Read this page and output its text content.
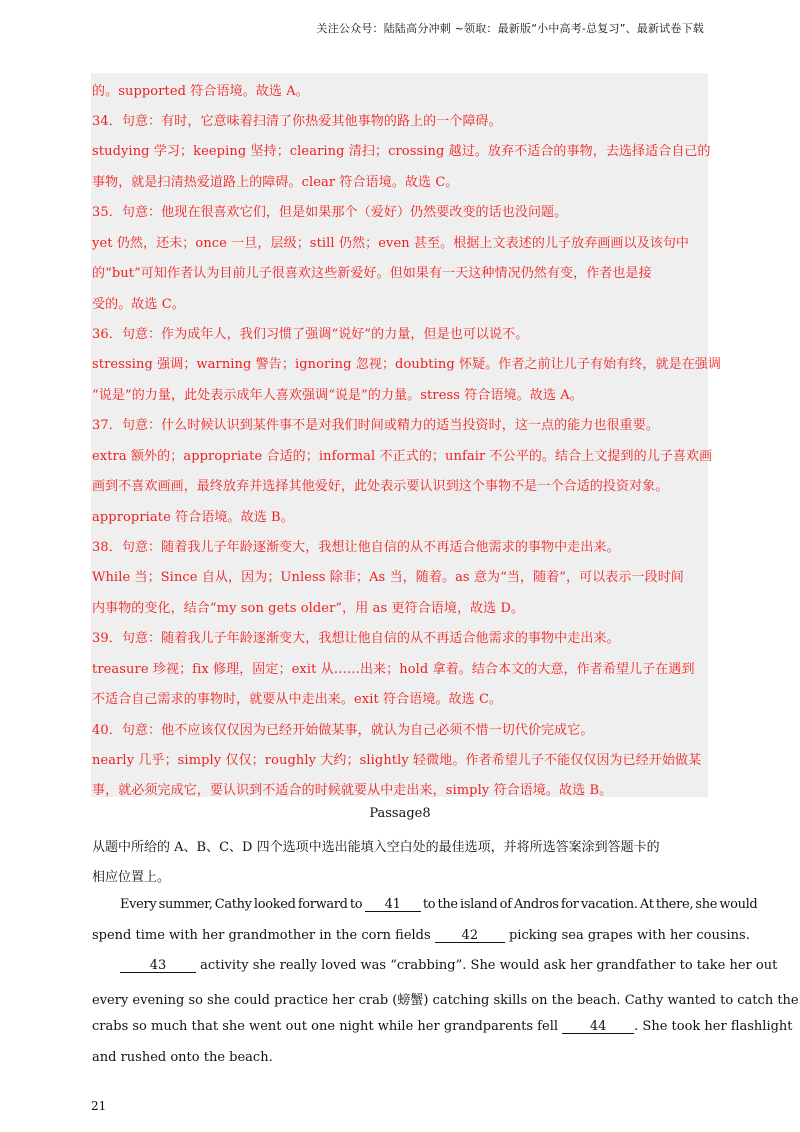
关注公众号：陆陆高分冲刺 ~领取：最新版“小中高考-总复习”、最新试卷下载
的。supported 符合语境。故选 A。
34．句意：有时，它意味着扫清了你热爱其他事物的路上的一个障碍。
studying 学习；keeping 坚持；clearing 清扫；crossing 越过。放弃不适合的事物，去选择适合自己的
事物，就是扫清热爱道路上的障碍。clear 符合语境。故选 C。
35．句意：他现在很喜欢它们，但是如果那个（爱好）仍然要改变的话也没问题。
yet 仍然，还未；once 一旦，层级；still 仍然；even 甚至。根据上文表述的儿子放弃画画以及该句中
的“but”可知作者认为目前儿子很喜欢这些新爱好。但如果有一天这种情况仍然有变，作者也是接
受的。故选 C。
36．句意：作为成年人，我们习惯了强调“说好”的力量，但是也可以说不。
stressing 强调；warning 警告；ignoring 忽视；doubting 怀疑。作者之前让儿子有始有终，就是在强调
“说是”的力量，此处表示成年人喜欢强调“说是”的力量。stress 符合语境。故选 A。
37．句意：什么时候认识到某件事不是对我们时间或精力的适当投资时，这一点的能力也很重要。
extra 额外的；appropriate 合适的；informal 不正式的；unfair 不公平的。结合上文提到的儿子喜欢画
画到不喜欢画画，最终放弃并选择其他爱好，此处表示要认识到这个事物不是一个合适的投资对象。
appropriate 符合语境。故选 B。
38．句意：随着我儿子年龄逐渐变大，我想让他自信的从不再适合他需求的事物中走出来。
While 当；Since 自从，因为；Unless 除非；As 当，随着。as 意为“当，随着”，可以表示一段时间
内事物的变化，结合“my son gets older”，用 as 更符合语境，故选 D。
39．句意：随着我儿子年龄逐渐变大，我想让他自信的从不再适合他需求的事物中走出来。
treasure 珍视；fix 修理，固定；exit 从……出来；hold 拿着。结合本文的大意，作者希望儿子在遇到
不适合自己需求的事物时，就要从中走出来。exit 符合语境。故选 C。
40．句意：他不应该仅仅因为已经开始做某事，就认为自己必须不惜一切代价完成它。
nearly 几乎；simply 仅仅；roughly 大约；slightly 轻微地。作者希望儿子不能仅仅因为已经开始做某
事，就必须完成它，要认识到不适合的时候就要从中走出来，simply 符合语境。故选 B。
Passage8
从题中所给的 A、B、C、D 四个选项中选出能填入空白处的最佳选项，并将所选答案涂到答题卡的
相应位置上。
Every summer, Cathy looked forward to 41 to the island of Andros for vacation. At there, she would
spend time with her grandmother in the corn fields 42 picking sea grapes with her cousins.
43	activity she really loved was “crabbing”. She would ask her grandfather to take her out
every evening so she could practice her crab (螃蟹) catching skills on the beach. Cathy wanted to catch the
crabs so much that she went out one night while her grandparents fell 44 . She took her flashlight
and rushed onto the beach.
21
